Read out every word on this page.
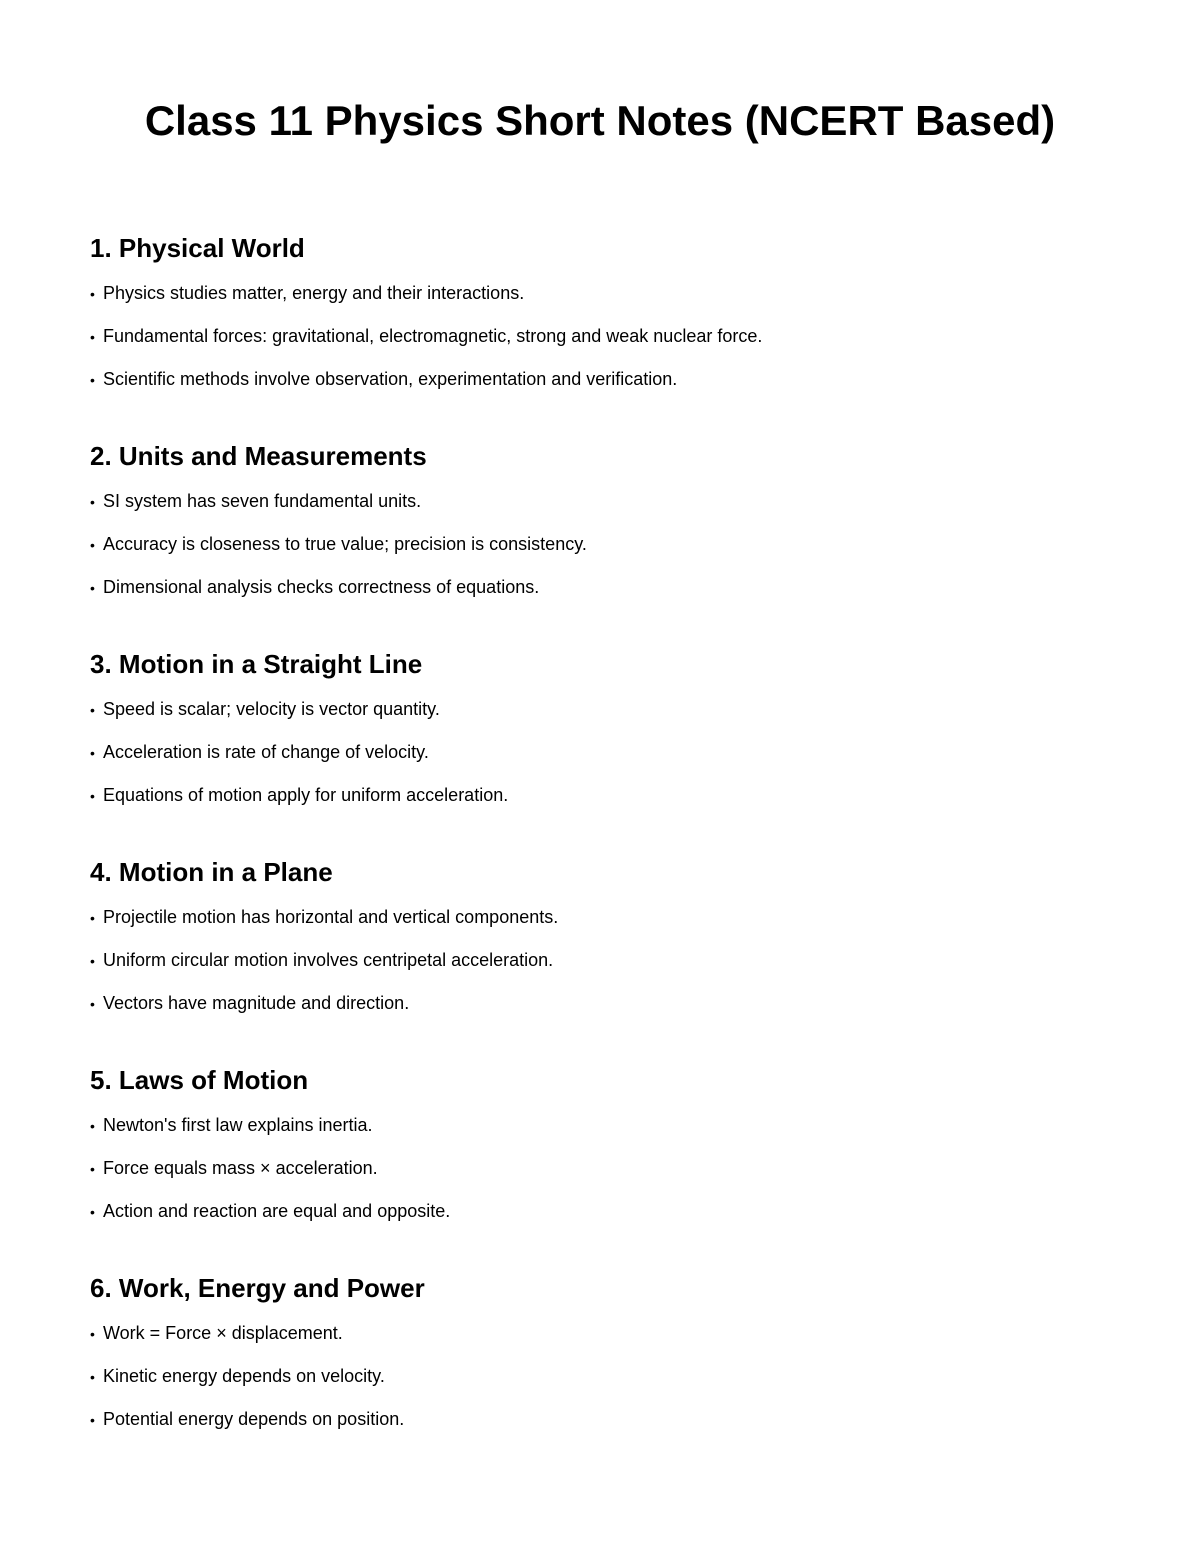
Class 11 Physics Short Notes (NCERT Based)
1. Physical World
• Physics studies matter, energy and their interactions.
• Fundamental forces: gravitational, electromagnetic, strong and weak nuclear force.
• Scientific methods involve observation, experimentation and verification.
2. Units and Measurements
• SI system has seven fundamental units.
• Accuracy is closeness to true value; precision is consistency.
• Dimensional analysis checks correctness of equations.
3. Motion in a Straight Line
• Speed is scalar; velocity is vector quantity.
• Acceleration is rate of change of velocity.
• Equations of motion apply for uniform acceleration.
4. Motion in a Plane
• Projectile motion has horizontal and vertical components.
• Uniform circular motion involves centripetal acceleration.
• Vectors have magnitude and direction.
5. Laws of Motion
• Newton's first law explains inertia.
• Force equals mass × acceleration.
• Action and reaction are equal and opposite.
6. Work, Energy and Power
• Work = Force × displacement.
• Kinetic energy depends on velocity.
• Potential energy depends on position.
